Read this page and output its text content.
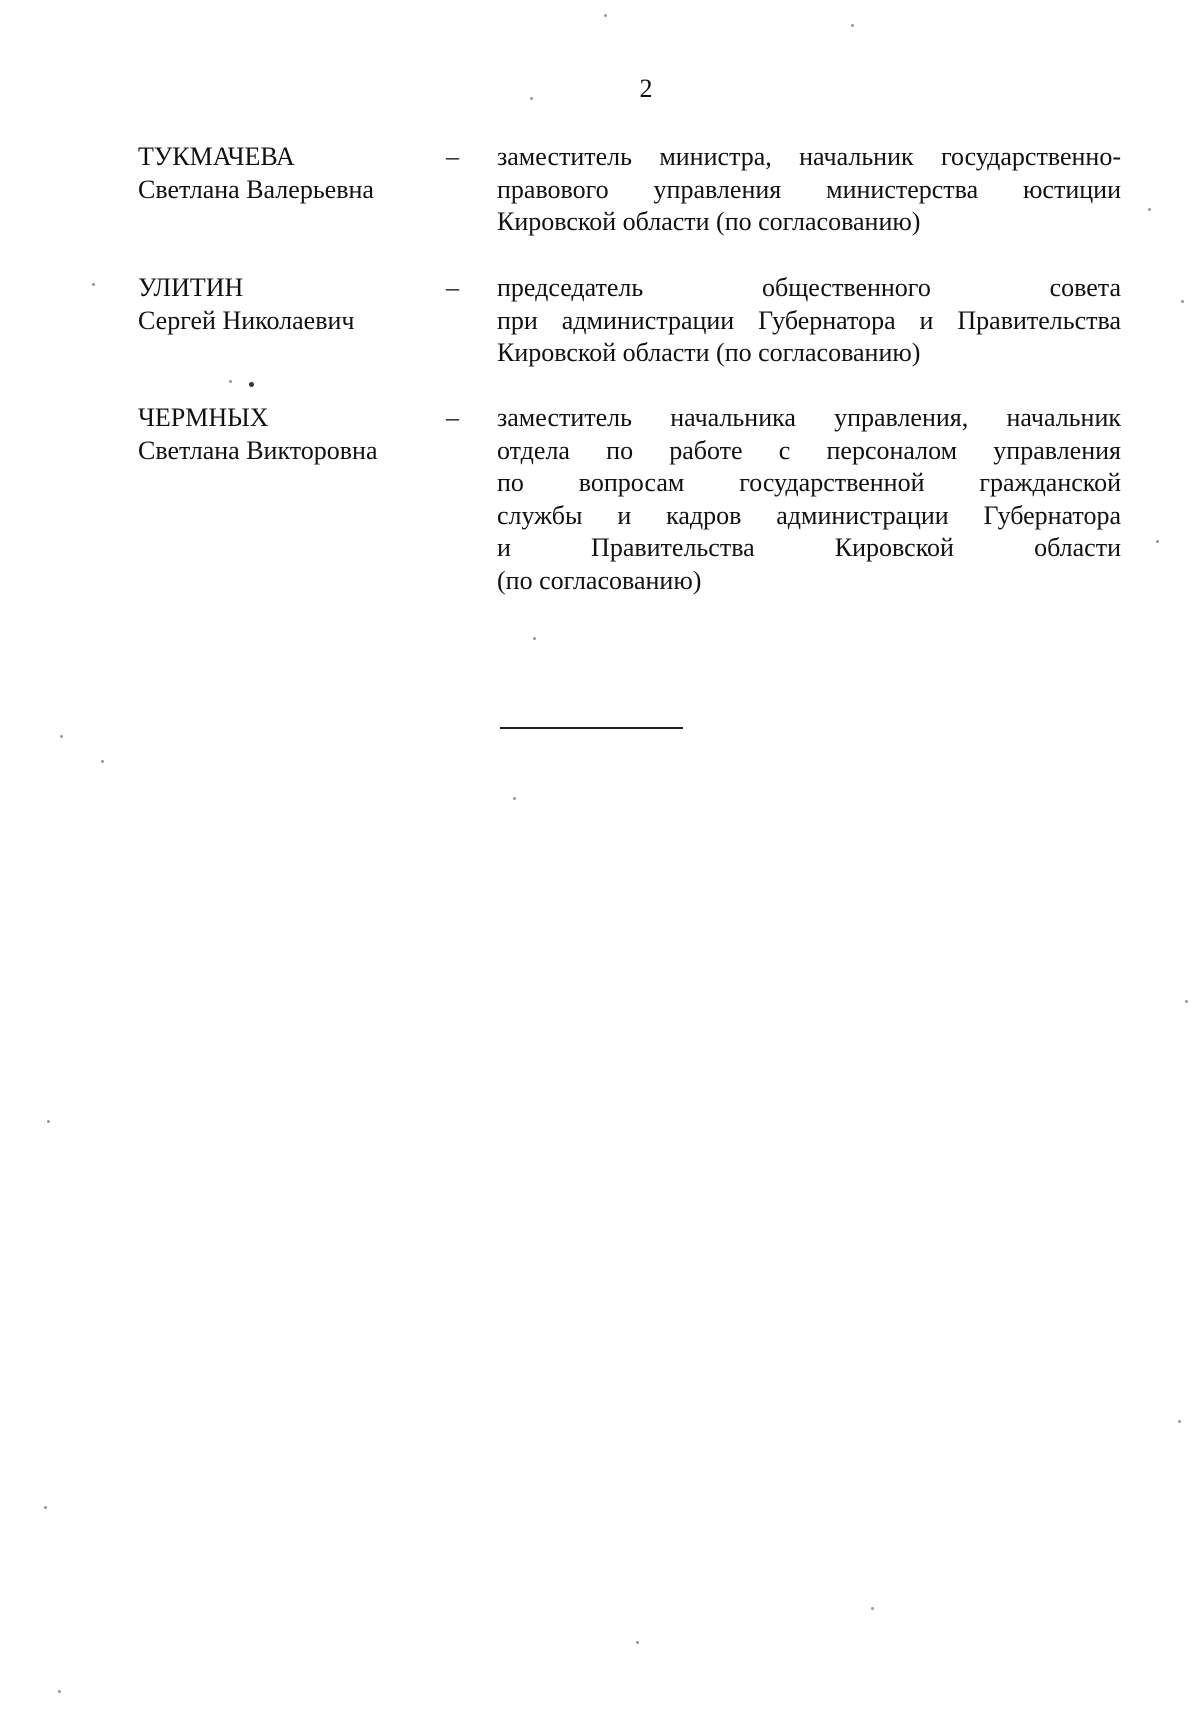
2
ТУКМАЧЕВА
Светлана Валерьевна
– заместитель министра, начальник государственно-
правового управления министерства юстиции
Кировской области (по согласованию)
УЛИТИН
Сергей Николаевич
– председатель общественного совета
при администрации Губернатора и Правительства
Кировской области (по согласованию)
ЧЕРМНЫХ
Светлана Викторовна
– заместитель начальника управления, начальник
отдела по работе с персоналом управления
по вопросам государственной гражданской
службы и кадров администрации Губернатора
и Правительства Кировской области
(по согласованию)
